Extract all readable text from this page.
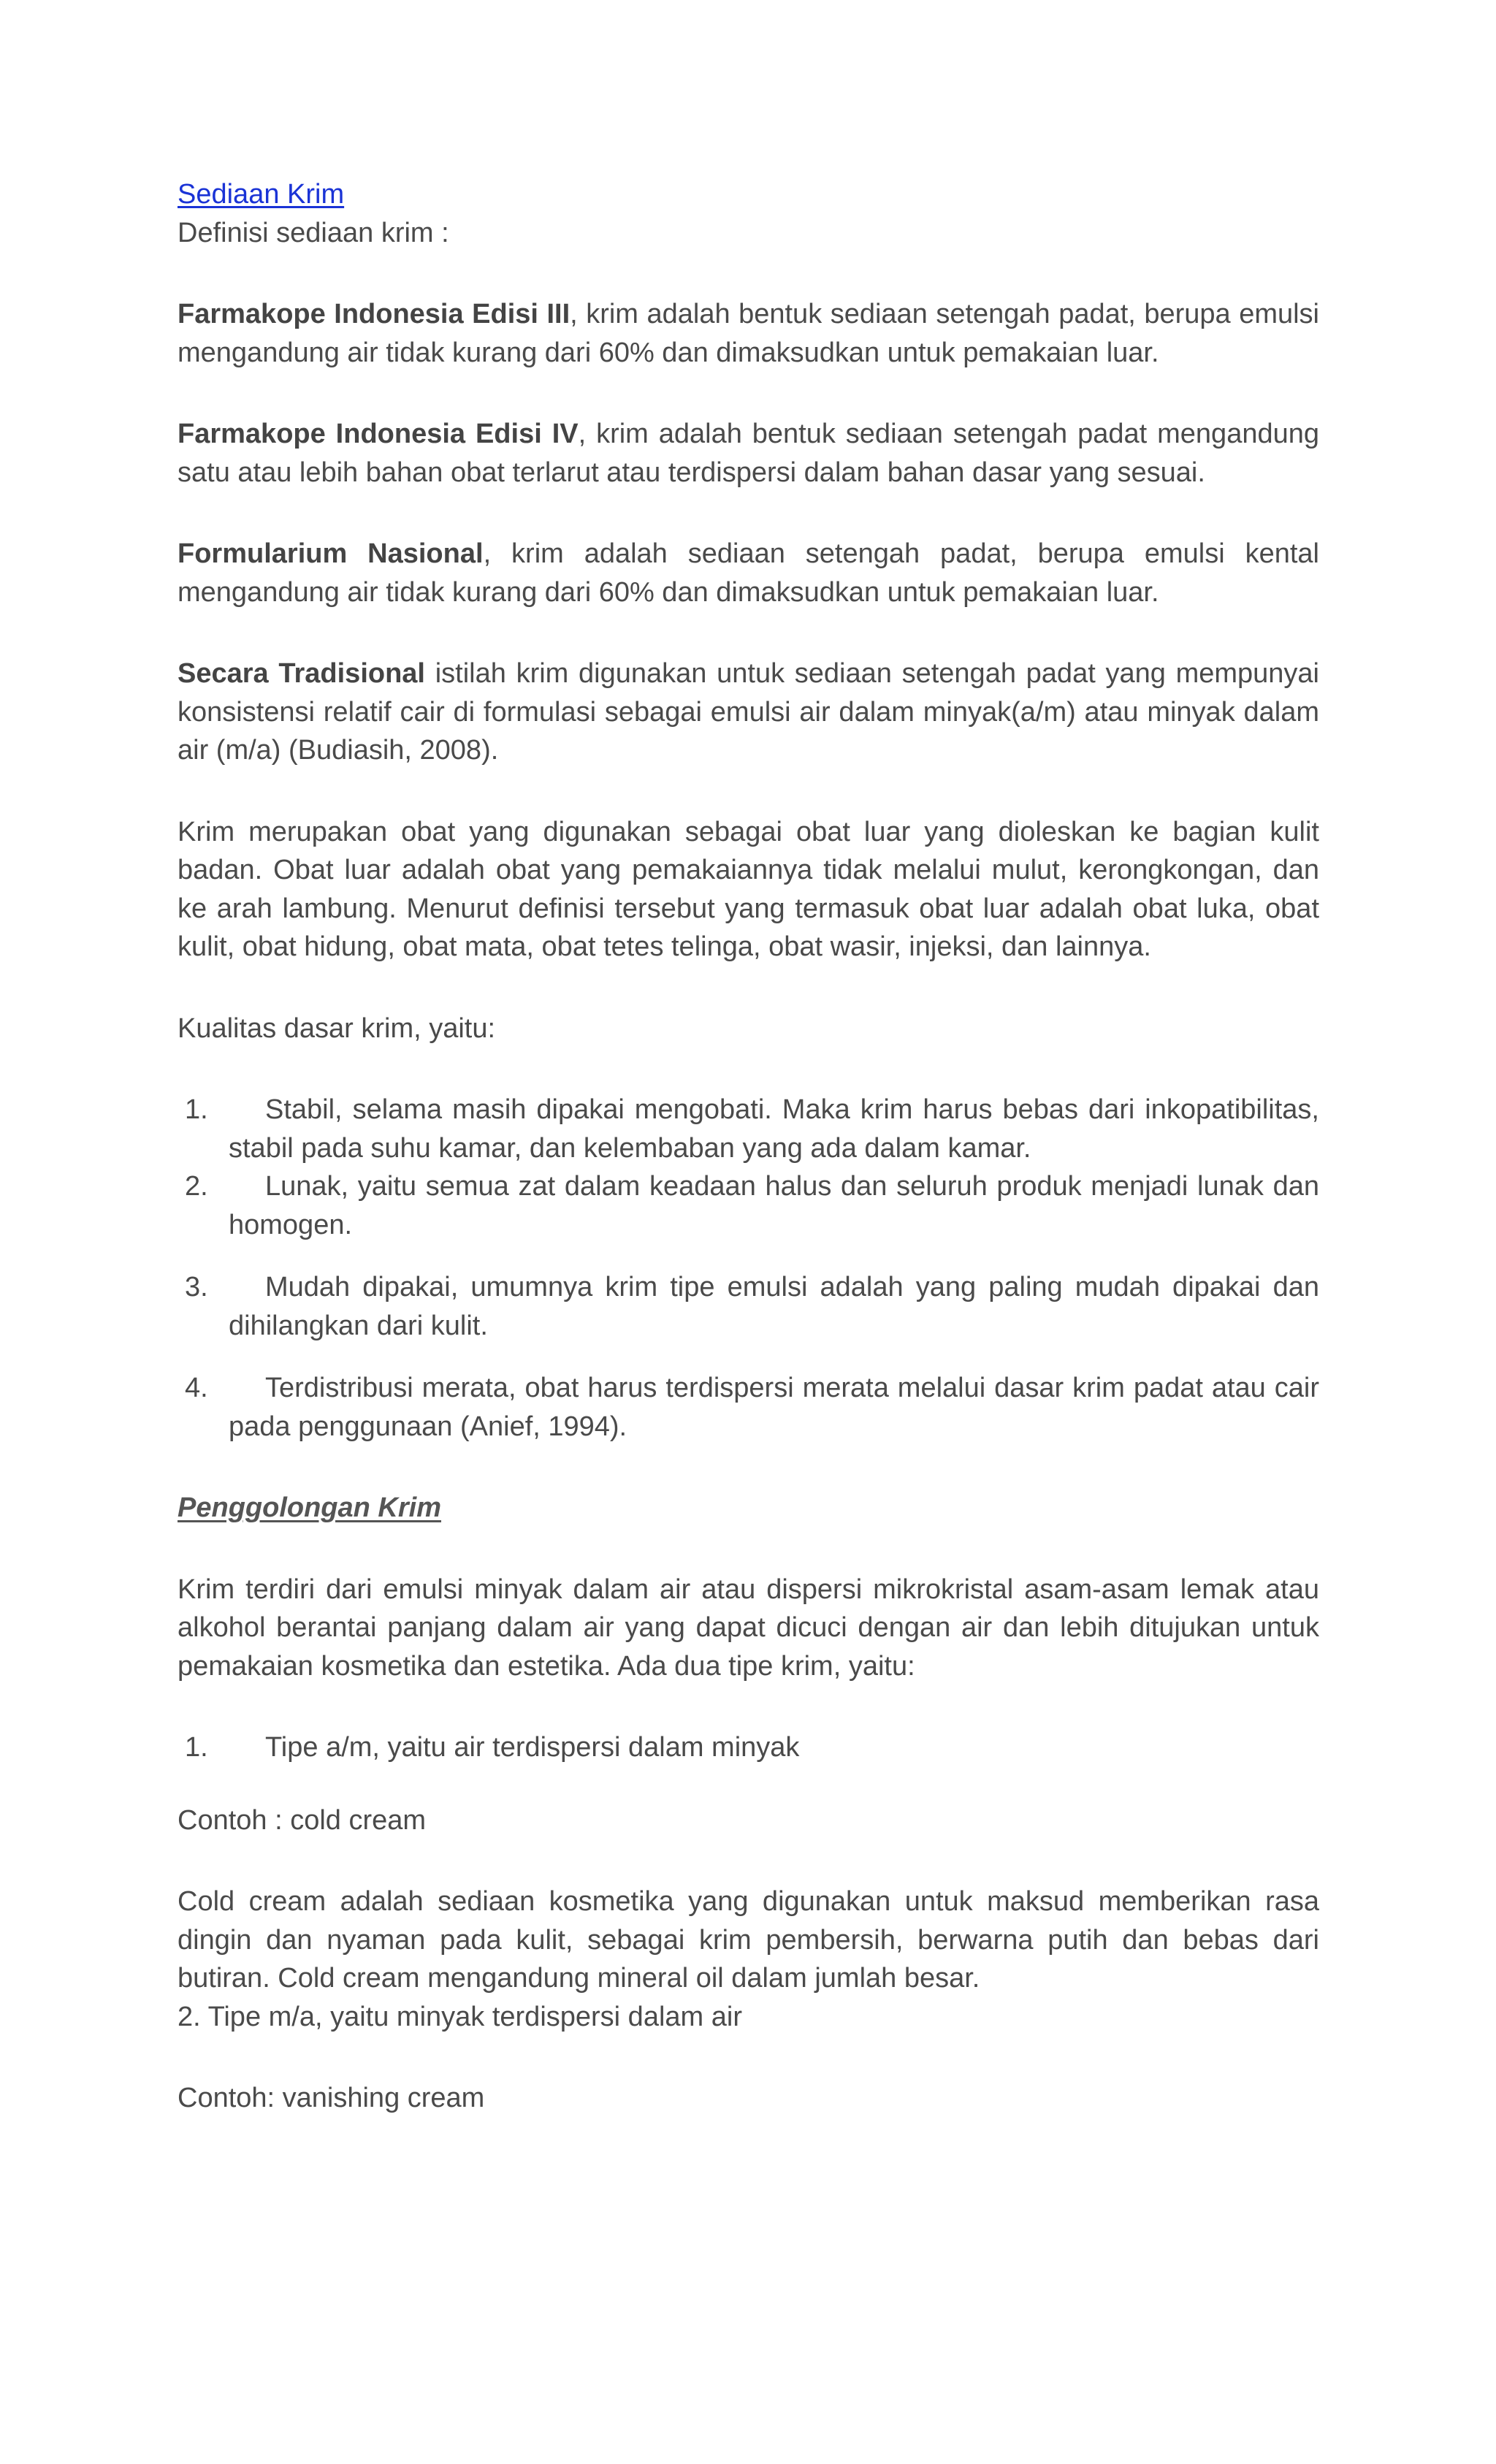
Sediaan Krim

Definisi sediaan krim :

Farmakope Indonesia Edisi III, krim adalah bentuk sediaan setengah padat, berupa emulsi mengandung air tidak kurang dari 60% dan dimaksudkan untuk pemakaian luar.

Farmakope Indonesia Edisi IV, krim adalah bentuk sediaan setengah padat mengandung satu atau lebih bahan obat terlarut atau terdispersi dalam bahan dasar yang sesuai.

Formularium Nasional, krim adalah sediaan setengah padat, berupa emulsi kental mengandung air tidak kurang dari 60% dan dimaksudkan untuk pemakaian luar.

Secara Tradisional istilah krim digunakan untuk sediaan setengah padat yang mempunyai konsistensi relatif cair di formulasi sebagai emulsi air dalam minyak(a/m) atau minyak dalam air (m/a) (Budiasih, 2008).

Krim merupakan obat yang digunakan sebagai obat luar yang dioleskan ke bagian kulit badan. Obat luar adalah obat yang pemakaiannya tidak melalui mulut, kerongkongan, dan ke arah lambung. Menurut definisi tersebut yang termasuk obat luar adalah obat luka, obat kulit, obat hidung, obat mata, obat tetes telinga, obat wasir, injeksi, dan lainnya.

Kualitas dasar krim, yaitu:

1. Stabil, selama masih dipakai mengobati. Maka krim harus bebas dari inkopatibilitas, stabil pada suhu kamar, dan kelembaban yang ada dalam kamar.
2. Lunak, yaitu semua zat dalam keadaan halus dan seluruh produk menjadi lunak dan homogen.
3. Mudah dipakai, umumnya krim tipe emulsi adalah yang paling mudah dipakai dan dihilangkan dari kulit.
4. Terdistribusi merata, obat harus terdispersi merata melalui dasar krim padat atau cair pada penggunaan (Anief, 1994).

Penggolongan Krim

Krim terdiri dari emulsi minyak dalam air atau dispersi mikrokristal asam-asam lemak atau alkohol berantai panjang dalam air yang dapat dicuci dengan air dan lebih ditujukan untuk pemakaian kosmetika dan estetika. Ada dua tipe krim, yaitu:

1. Tipe a/m, yaitu air terdispersi dalam minyak

Contoh : cold cream

Cold cream adalah sediaan kosmetika yang digunakan untuk maksud memberikan rasa dingin dan nyaman pada kulit, sebagai krim pembersih, berwarna putih dan bebas dari butiran. Cold cream mengandung mineral oil dalam jumlah besar.

2. Tipe m/a, yaitu minyak terdispersi dalam air

Contoh: vanishing cream
